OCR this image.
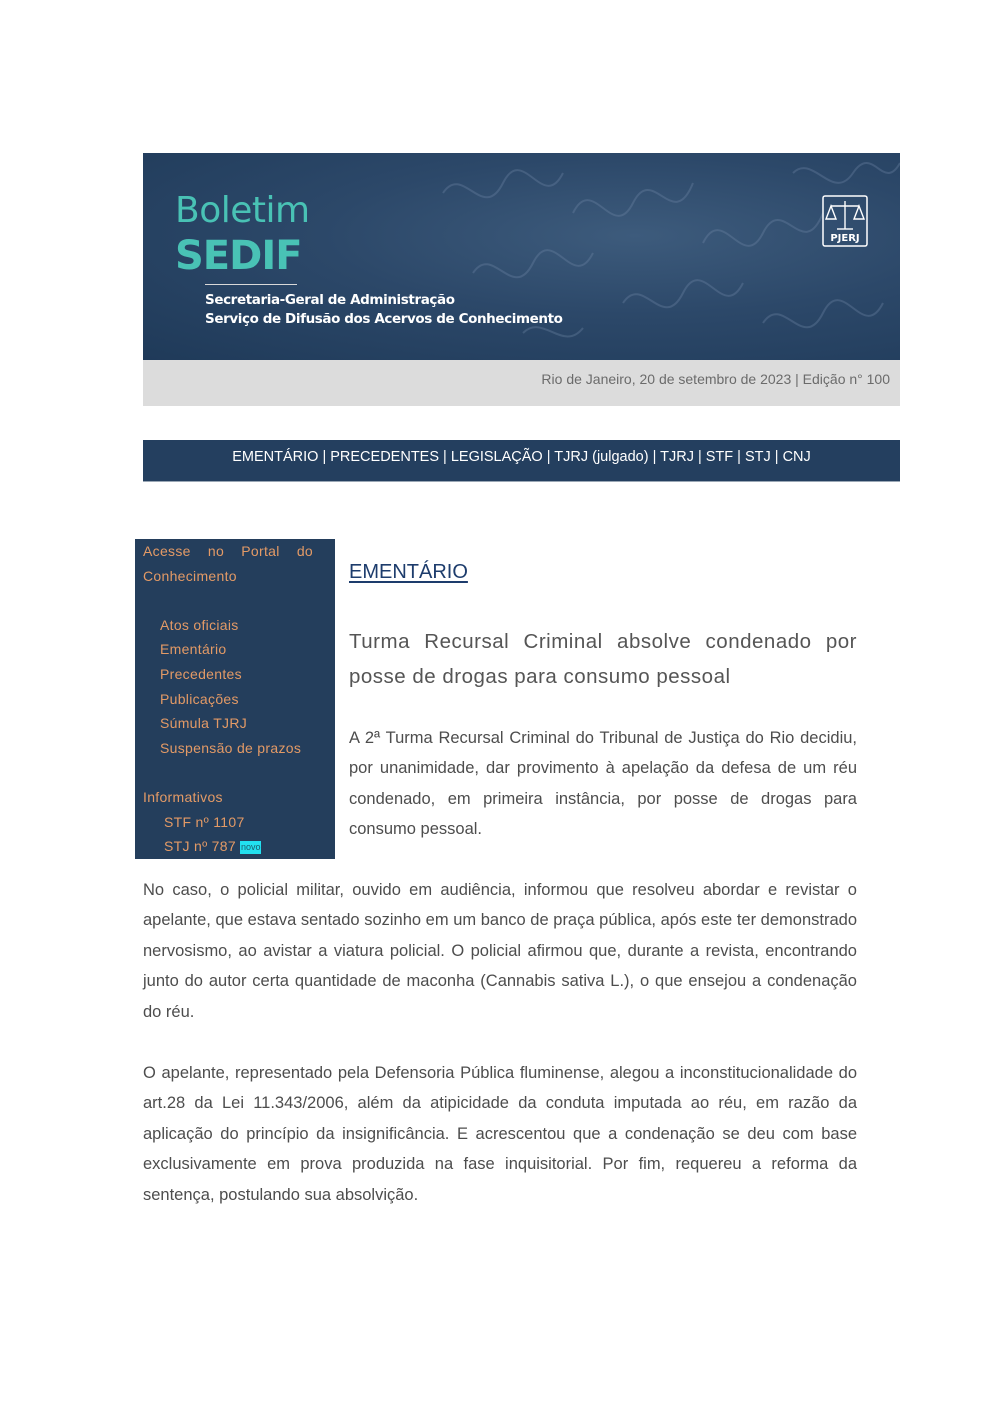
Boletim
SEDIF
Secretaria-Geral de Administração
Serviço de Difusão dos Acervos de Conhecimento
PJERJ
Rio de Janeiro, 20 de setembro de 2023 | Edição n° 100
EMENTÁRIO | PRECEDENTES | LEGISLAÇÃO | TJRJ (julgado) | TJRJ | STF | STJ | CNJ

Acesse no Portal do Conhecimento

Atos oficiais
Ementário
Precedentes
Publicações
Súmula TJRJ
Suspensão de prazos
Informativos
STF nº 1107
STJ nº 787 novo
EMENTÁRIO
Turma Recursal Criminal absolve condenado por posse de drogas para consumo pessoal

A 2ª Turma Recursal Criminal do Tribunal de Justiça do Rio decidiu, por unanimidade, dar provimento à apelação da defesa de um réu condenado, em primeira instância, por posse de drogas para consumo pessoal.

No caso, o policial militar, ouvido em audiência, informou que resolveu abordar e revistar o apelante, que estava sentado sozinho em um banco de praça pública, após este ter demonstrado nervosismo, ao avistar a viatura policial. O policial afirmou que, durante a revista, encontrando junto do autor certa quantidade de maconha (Cannabis sativa L.), o que ensejou a condenação do réu.

O apelante, representado pela Defensoria Pública fluminense, alegou a inconstitucionalidade do art.28 da Lei 11.343/2006, além da atipicidade da conduta imputada ao réu, em razão da aplicação do princípio da insignificância. E acrescentou que a condenação se deu com base exclusivamente em prova produzida na fase inquisitorial. Por fim, requereu a reforma da sentença, postulando sua absolvição.
